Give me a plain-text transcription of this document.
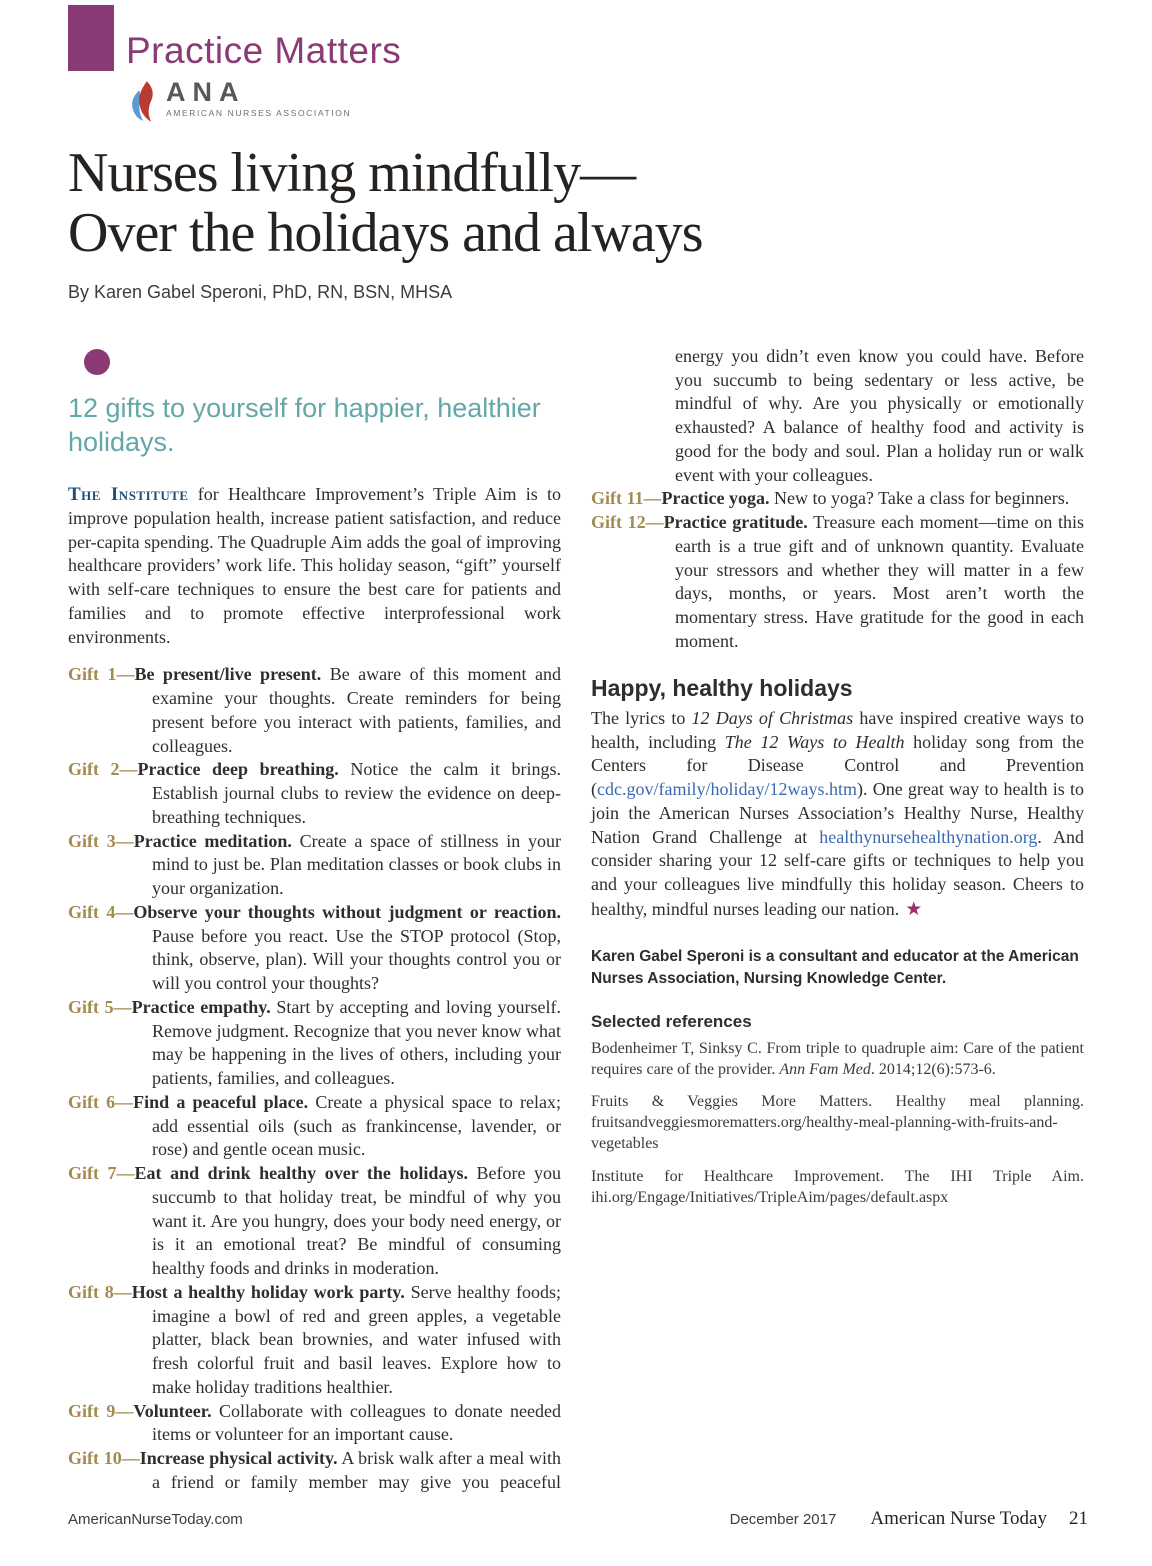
Practice Matters
ANA
AMERICAN NURSES ASSOCIATION
Nurses living mindfully—
Over the holidays and always
By Karen Gabel Speroni, PhD, RN, BSN, MHSA
12 gifts to yourself for happier, healthier holidays.

The Institute for Healthcare Improvement’s Triple Aim is to improve population health, increase patient satisfaction, and reduce per-capita spending. The Quadruple Aim adds the goal of improving healthcare providers’ work life. This holiday season, “gift” yourself with self-care techniques to ensure the best care for patients and families and to promote effective interprofessional work environments.

Gift 1—Be present/live present. Be aware of this moment and examine your thoughts. Create reminders for being present before you interact with patients, families, and colleagues.

Gift 2—Practice deep breathing. Notice the calm it brings. Establish journal clubs to review the evidence on deep-breathing techniques.

Gift 3—Practice meditation. Create a space of stillness in your mind to just be. Plan meditation classes or book clubs in your organization.

Gift 4—Observe your thoughts without judgment or reaction. Pause before you react. Use the STOP protocol (Stop, think, observe, plan). Will your thoughts control you or will you control your thoughts?

Gift 5—Practice empathy. Start by accepting and loving yourself. Remove judgment. Recognize that you never know what may be happening in the lives of others, including your patients, families, and colleagues.

Gift 6—Find a peaceful place. Create a physical space to relax; add essential oils (such as frankincense, lavender, or rose) and gentle ocean music.

Gift 7—Eat and drink healthy over the holidays. Before you succumb to that holiday treat, be mindful of why you want it. Are you hungry, does your body need energy, or is it an emotional treat? Be mindful of consuming healthy foods and drinks in moderation.

Gift 8—Host a healthy holiday work party. Serve healthy foods; imagine a bowl of red and green apples, a vegetable platter, black bean brownies, and water infused with fresh colorful fruit and basil leaves. Explore how to make holiday traditions healthier.

Gift 9—Volunteer. Collaborate with colleagues to donate needed items or volunteer for an important cause.

Gift 10—Increase physical activity. A brisk walk after a meal with a friend or family member may give you peaceful energy you didn’t even know you could have. Before you succumb to being sedentary or less active, be mindful of why. Are you physically or emotionally exhausted? A balance of healthy food and activity is good for the body and soul. Plan a holiday run or walk event with your colleagues.

Gift 11—Practice yoga. New to yoga? Take a class for beginners.

Gift 12—Practice gratitude. Treasure each moment—time on this earth is a true gift and of unknown quantity. Evaluate your stressors and whether they will matter in a few days, months, or years. Most aren’t worth the momentary stress. Have gratitude for the good in each moment.

Happy, healthy holidays

The lyrics to 12 Days of Christmas have inspired creative ways to health, including The 12 Ways to Health holiday song from the Centers for Disease Control and Prevention (cdc.gov/family/holiday/12ways.htm). One great way to health is to join the American Nurses Association’s Healthy Nurse, Healthy Nation Grand Challenge at healthynursehealthynation.org. And consider sharing your 12 self-care gifts or techniques to help you and your colleagues live mindfully this holiday season. Cheers to healthy, mindful nurses leading our nation. ★

Karen Gabel Speroni is a consultant and educator at the American Nurses Association, Nursing Knowledge Center.

Selected references

Bodenheimer T, Sinksy C. From triple to quadruple aim: Care of the patient requires care of the provider. Ann Fam Med. 2014;12(6):573-6.

Fruits & Veggies More Matters. Healthy meal planning. fruitsandveggiesmorematters.org/healthy-meal-planning-with-fruits-and-vegetables

Institute for Healthcare Improvement. The IHI Triple Aim. ihi.org/Engage/Initiatives/TripleAim/pages/default.aspx

AmericanNurseToday.com	December 2017 American Nurse Today 21
